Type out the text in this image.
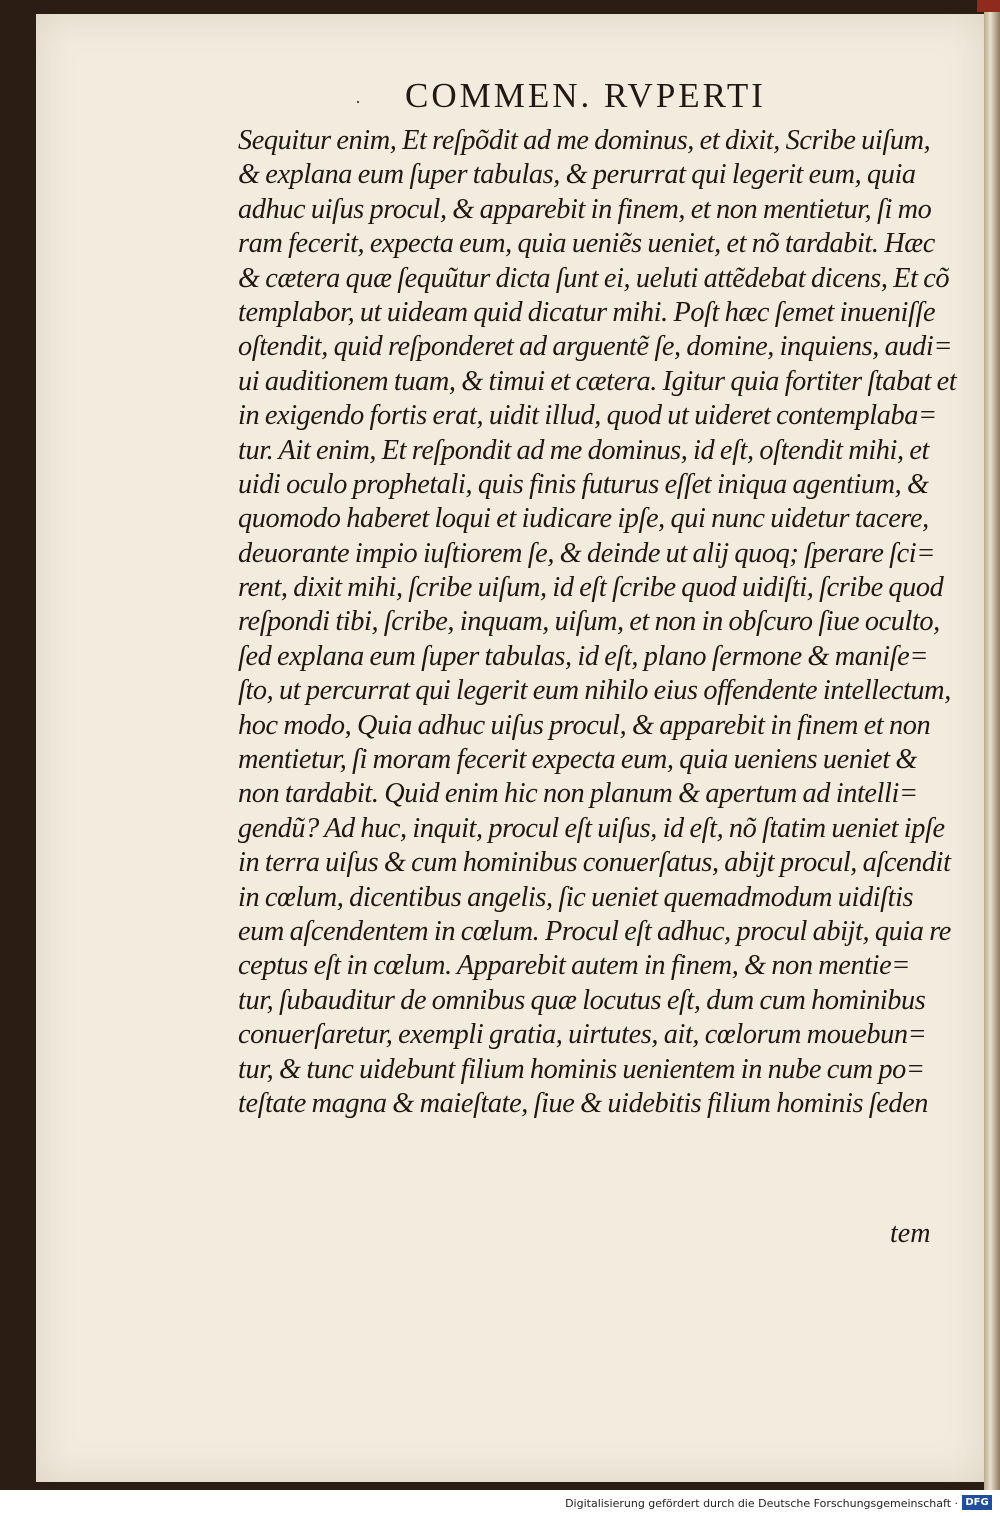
· COMMEN. RVPERTI
Sequitur enim, Et reſpõdit ad me dominus, et dixit, Scribe uiſum,
& explana eum ſuper tabulas, & perurrat qui legerit eum, quia
adhuc uiſus procul, & apparebit in finem, et non mentietur, ſi mo
ram fecerit, expecta eum, quia ueniẽs ueniet, et nõ tardabit. Hæc
& cætera quæ ſequũtur dicta ſunt ei, ueluti attẽdebat dicens, Et cõ
templabor, ut uideam quid dicatur mihi. Poſt hæc ſemet inueniſſe
oſtendit, quid reſponderet ad arguentẽ ſe, domine, inquiens, audi=
ui auditionem tuam, & timui et cætera. Igitur quia fortiter ſtabat et
in exigendo fortis erat, uidit illud, quod ut uideret contemplaba=
tur. Ait enim, Et reſpondit ad me dominus, id eſt, oſtendit mihi, et
uidi oculo prophetali, quis finis futurus eſſet iniqua agentium, &
quomodo haberet loqui et iudicare ipſe, qui nunc uidetur tacere,
deuorante impio iuſtiorem ſe, & deinde ut alij quoq; ſperare ſci=
rent, dixit mihi, ſcribe uiſum, id eſt ſcribe quod uidiſti, ſcribe quod
reſpondi tibi, ſcribe, inquam, uiſum, et non in obſcuro ſiue oculto,
ſed explana eum ſuper tabulas, id eſt, plano ſermone & maniſe=
ſto, ut percurrat qui legerit eum nihilo eius offendente intellectum,
hoc modo, Quia adhuc uiſus procul, & apparebit in finem et non
mentietur, ſi moram fecerit expecta eum, quia ueniens ueniet &
non tardabit. Quid enim hic non planum & apertum ad intelli=
gendũ? Ad huc, inquit, procul eſt uiſus, id eſt, nõ ſtatim ueniet ipſe
in terra uiſus & cum hominibus conuerſatus, abijt procul, aſcendit
in cœlum, dicentibus angelis, ſic ueniet quemadmodum uidiſtis
eum aſcendentem in cœlum. Procul eſt adhuc, procul abijt, quia re
ceptus eſt in cœlum. Apparebit autem in finem, & non mentie=
tur, ſubauditur de omnibus quæ locutus eſt, dum cum hominibus
conuerſaretur, exempli gratia, uirtutes, ait, cœlorum mouebun=
tur, & tunc uidebunt filium hominis uenientem in nube cum po=
teſtate magna & maieſtate, ſiue & uidebitis filium hominis ſeden
tem
Digitalisierung gefördert durch die Deutsche Forschungsgemeinschaft · DFG
